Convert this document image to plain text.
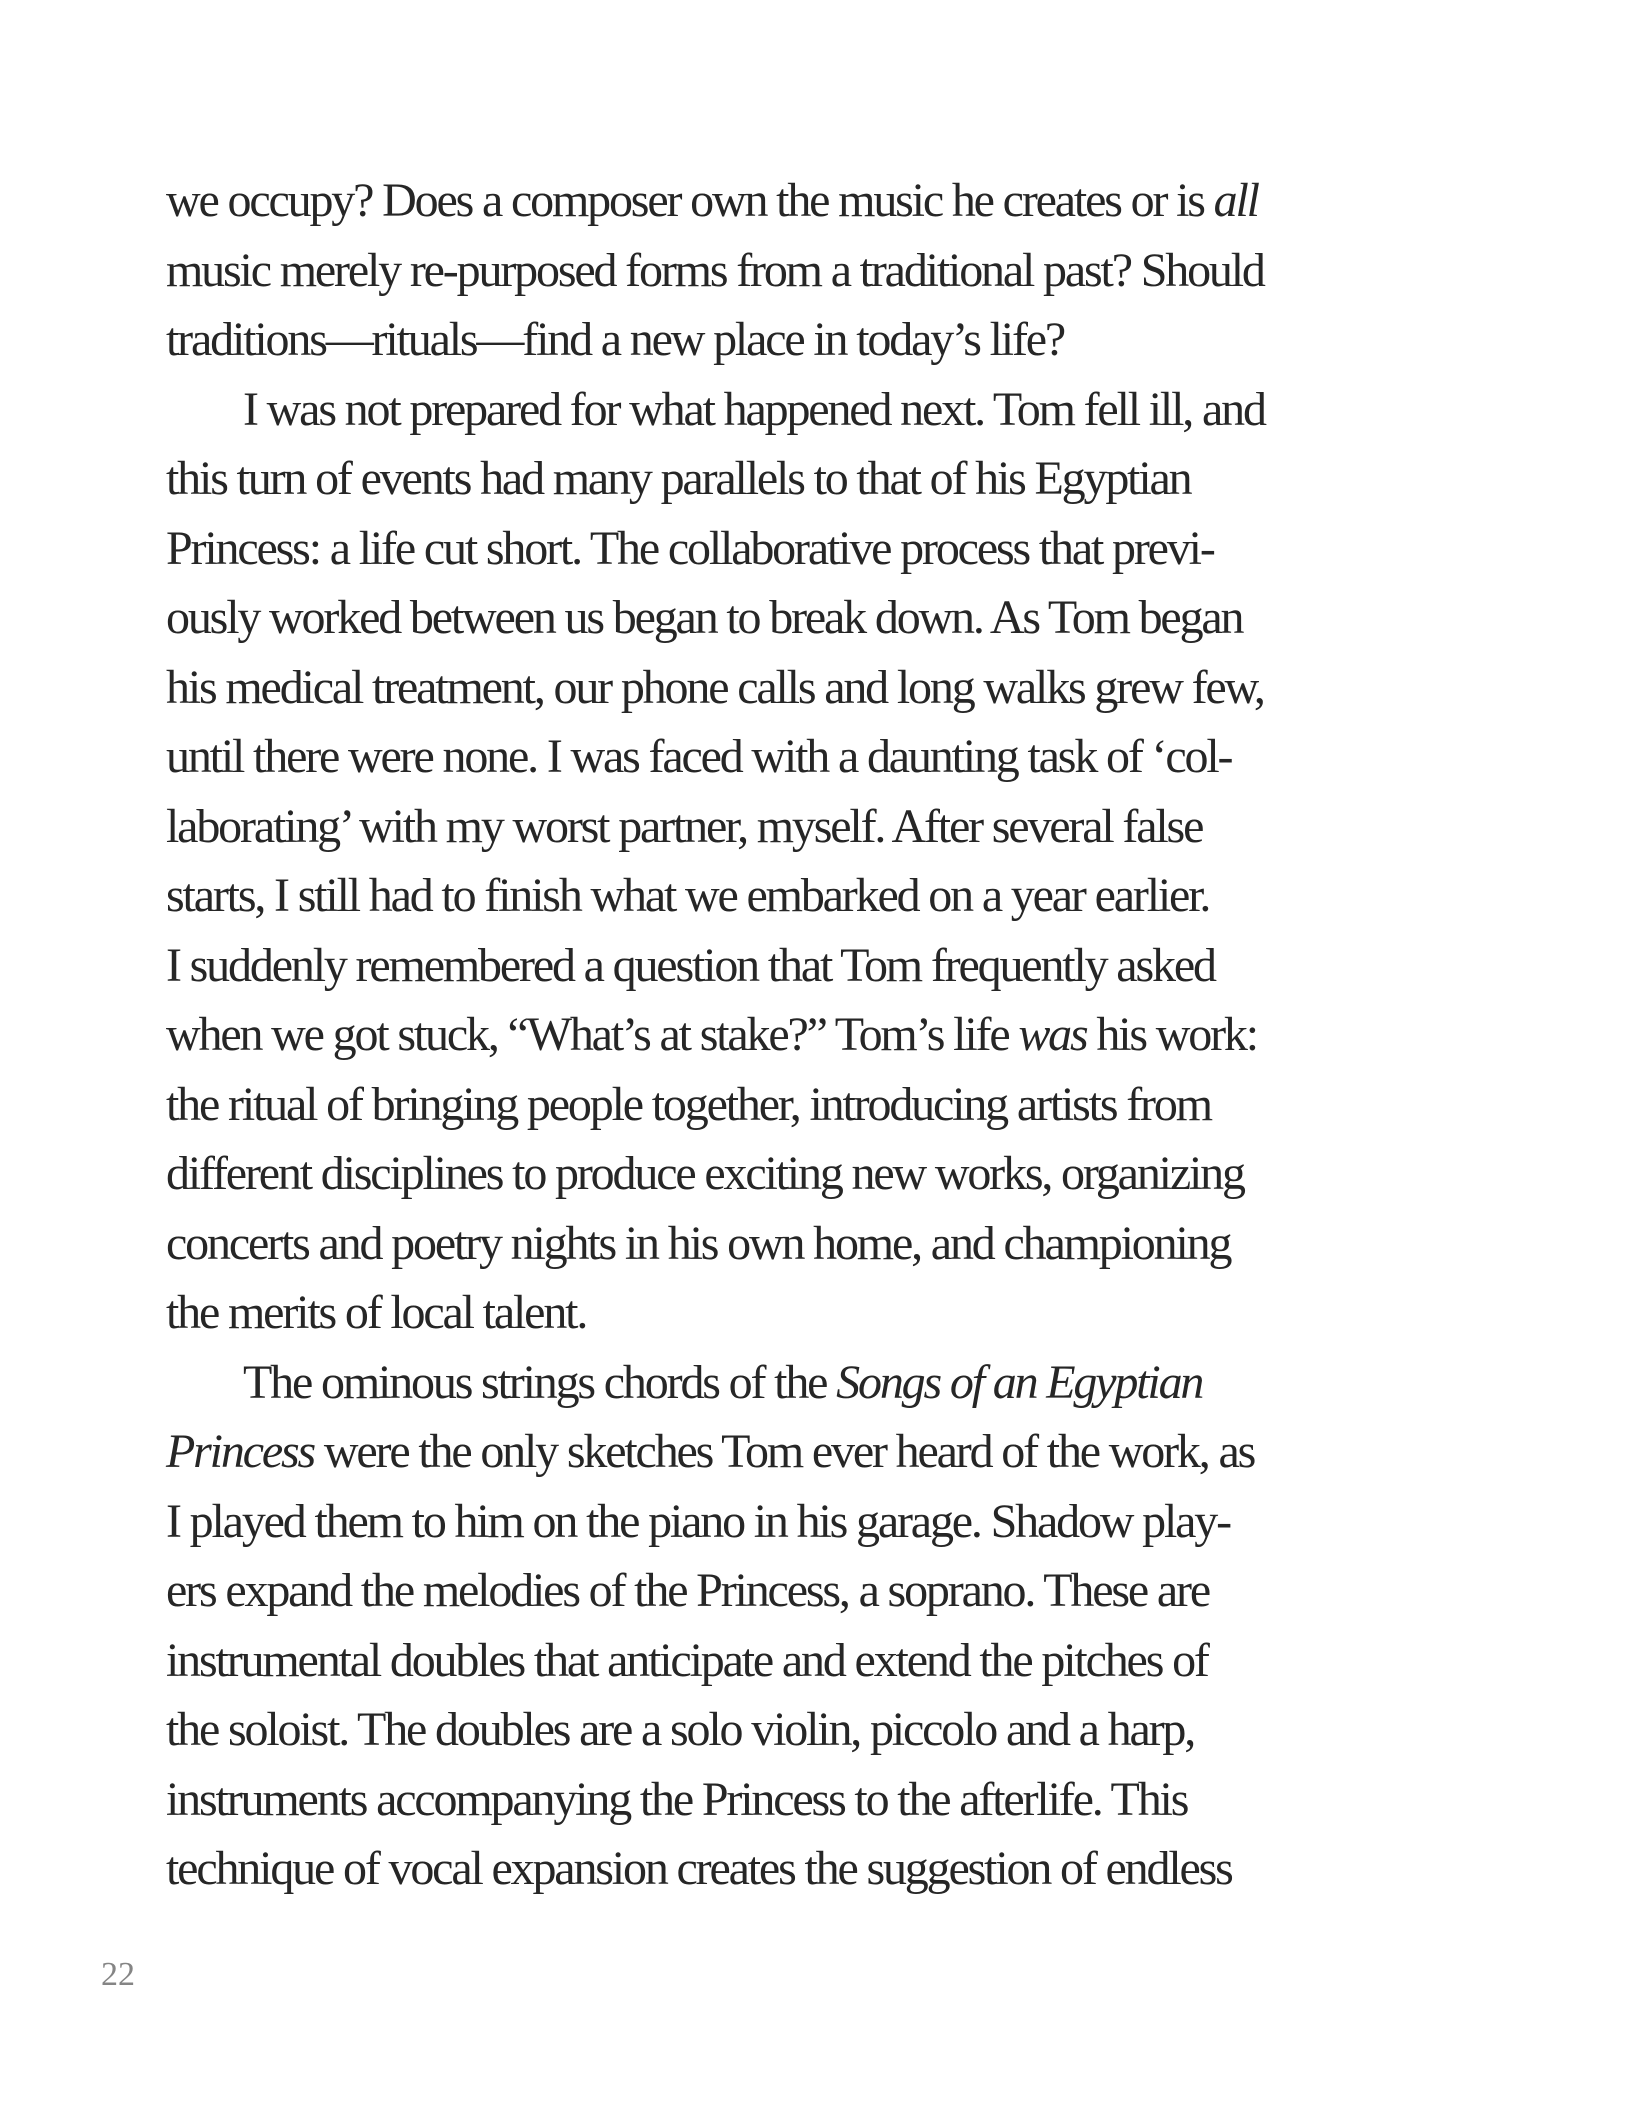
we occupy? Does a composer own the music he creates or is all
music merely re-purposed forms from a traditional past? Should
traditions—rituals—find a new place in today’s life?
I was not prepared for what happened next. Tom fell ill, and
this turn of events had many parallels to that of his Egyptian
Princess: a life cut short. The collaborative process that previ-
ously worked between us began to break down. As Tom began
his medical treatment, our phone calls and long walks grew few,
until there were none. I was faced with a daunting task of ‘col-
laborating’ with my worst partner, myself. After several false
starts, I still had to finish what we embarked on a year earlier.
I suddenly remembered a question that Tom frequently asked
when we got stuck, “What’s at stake?” Tom’s life was his work:
the ritual of bringing people together, introducing artists from
different disciplines to produce exciting new works, organizing
concerts and poetry nights in his own home, and championing
the merits of local talent.
The ominous strings chords of the Songs of an Egyptian
Princess were the only sketches Tom ever heard of the work, as
I played them to him on the piano in his garage. Shadow play-
ers expand the melodies of the Princess, a soprano. These are
instrumental doubles that anticipate and extend the pitches of
the soloist. The doubles are a solo violin, piccolo and a harp,
instruments accompanying the Princess to the afterlife. This
technique of vocal expansion creates the suggestion of endless
22
